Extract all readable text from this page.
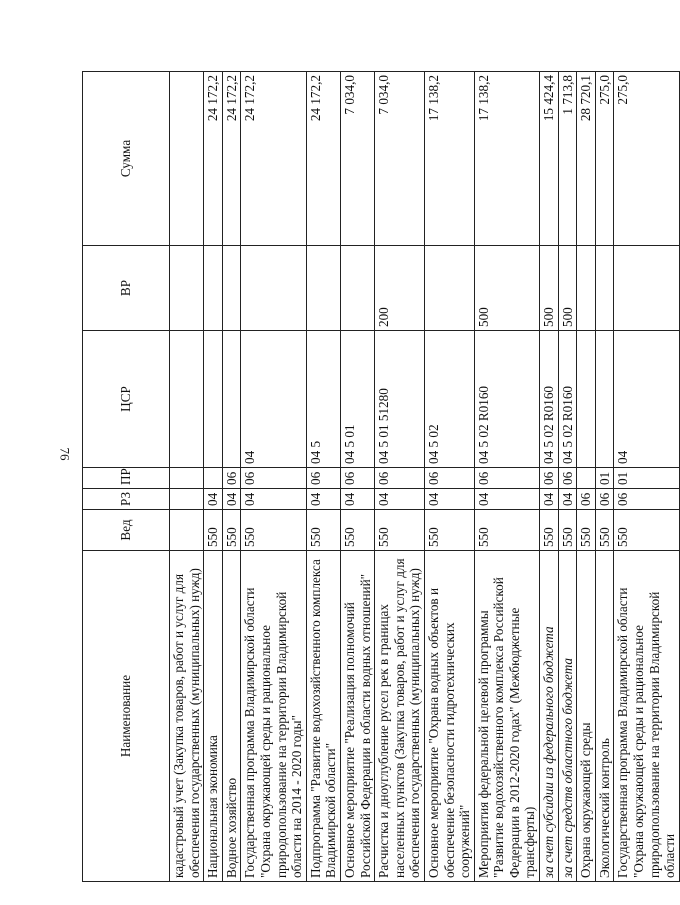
76
Наименование	Вед	РЗ	ПР	ЦСР	ВР	Сумма
кадастровый учет (Закупка товаров, работ и услуг для обеспечения государственных (муниципальных) нужд)						
Национальная экономика	550	04				24 172,2
Водное хозяйство	550	04	06			24 172,2
Государственная программа Владимирской области "Охрана окружающей среды и рациональное природопользование на территории Владимирской области на 2014 - 2020 годы"	550	04	06	04		24 172,2
Подпрограмма "Развитие водохозяйственного комплекса Владимирской области"	550	04	06	04 5		24 172,2
Основное мероприятие "Реализация полномочий Российской Федерации в области водных отношений"	550	04	06	04 5 01		7 034,0
Расчистка и дноуглубление русел рек в границах населенных пунктов (Закупка товаров, работ и услуг для обеспечения государственных (муниципальных) нужд)	550	04	06	04 5 01 51280	200	7 034,0
Основное мероприятие "Охрана водных объектов и обеспечение безопасности гидротехнических сооружений"	550	04	06	04 5 02		17 138,2
Мероприятия федеральной целевой программы "Развитие водохозяйственного комплекса Российской Федерации в 2012-2020 годах" (Межбюджетные трансферты)	550	04	06	04 5 02 R0160	500	17 138,2
за счет субсидии из федерального бюджета	550	04	06	04 5 02 R0160	500	15 424,4
за счет средств областного бюджета	550	04	06	04 5 02 R0160	500	1 713,8
Охрана окружающей среды	550	06				28 720,1
Экологический контроль	550	06	01			275,0
Государственная программа Владимирской области "Охрана окружающей среды и рациональное природопользование на территории Владимирской области	550	06	01	04		275,0
